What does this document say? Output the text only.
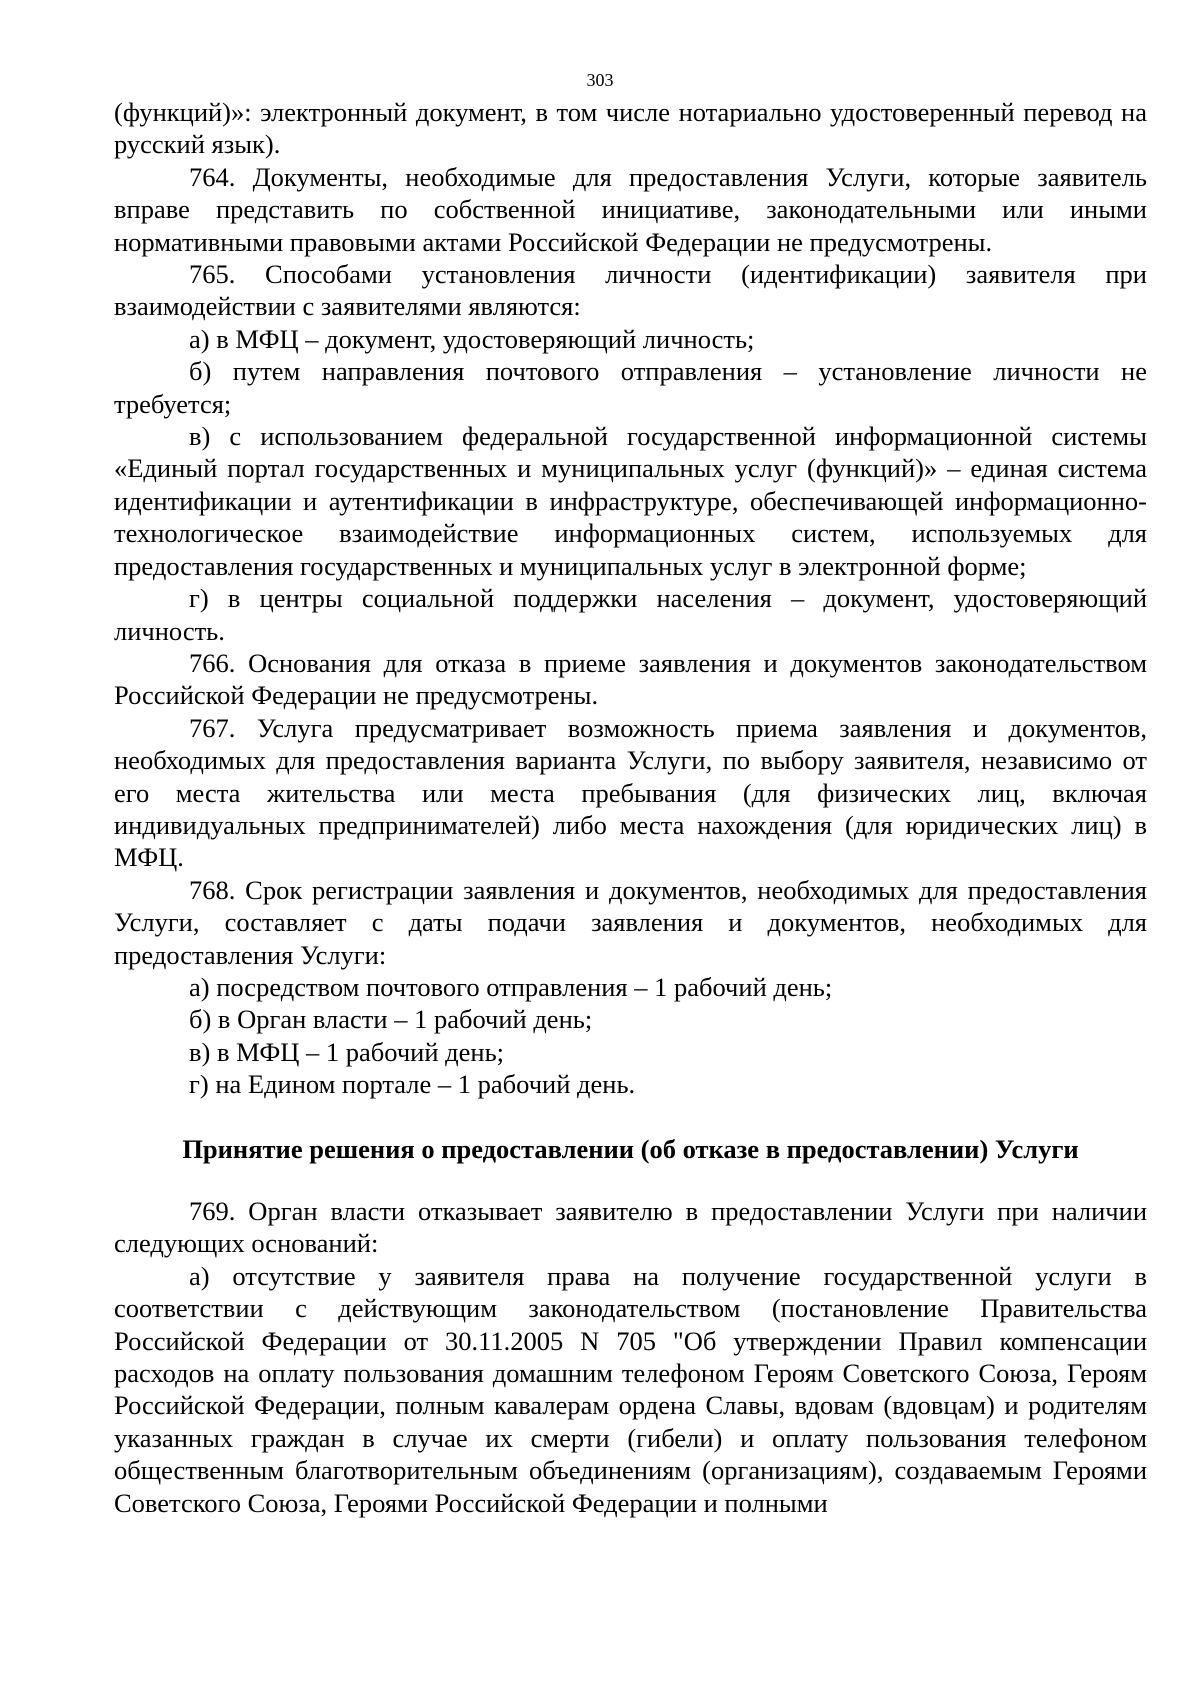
303

(функций)»: электронный документ, в том числе нотариально удостоверенный перевод на русский язык).

764. Документы, необходимые для предоставления Услуги, которые заявитель вправе представить по собственной инициативе, законодательными или иными нормативными правовыми актами Российской Федерации не предусмотрены.

765. Способами установления личности (идентификации) заявителя при взаимодействии с заявителями являются:

а) в МФЦ – документ, удостоверяющий личность;

б) путем направления почтового отправления – установление личности не требуется;

в) с использованием федеральной государственной информационной системы «Единый портал государственных и муниципальных услуг (функций)» – единая система идентификации и аутентификации в инфраструктуре, обеспечивающей информационно-технологическое взаимодействие информационных систем, используемых для предоставления государственных и муниципальных услуг в электронной форме;

г) в центры социальной поддержки населения – документ, удостоверяющий личность.

766. Основания для отказа в приеме заявления и документов законодательством Российской Федерации не предусмотрены.

767. Услуга предусматривает возможность приема заявления и документов, необходимых для предоставления варианта Услуги, по выбору заявителя, независимо от его места жительства или места пребывания (для физических лиц, включая индивидуальных предпринимателей) либо места нахождения (для юридических лиц) в МФЦ.

768. Срок регистрации заявления и документов, необходимых для предоставления Услуги, составляет с даты подачи заявления и документов, необходимых для предоставления Услуги:

а) посредством почтового отправления – 1 рабочий день;

б) в Орган власти – 1 рабочий день;

в) в МФЦ – 1 рабочий день;

г) на Едином портале – 1 рабочий день.

Принятие решения о предоставлении (об отказе в предоставлении) Услуги

769. Орган власти отказывает заявителю в предоставлении Услуги при наличии следующих оснований:

а) отсутствие у заявителя права на получение государственной услуги в соответствии с действующим законодательством (постановление Правительства Российской Федерации от 30.11.2005 N 705 "Об утверждении Правил компенсации расходов на оплату пользования домашним телефоном Героям Советского Союза, Героям Российской Федерации, полным кавалерам ордена Славы, вдовам (вдовцам) и родителям указанных граждан в случае их смерти (гибели) и оплату пользования телефоном общественным благотворительным объединениям (организациям), создаваемым Героями Советского Союза, Героями Российской Федерации и полными
